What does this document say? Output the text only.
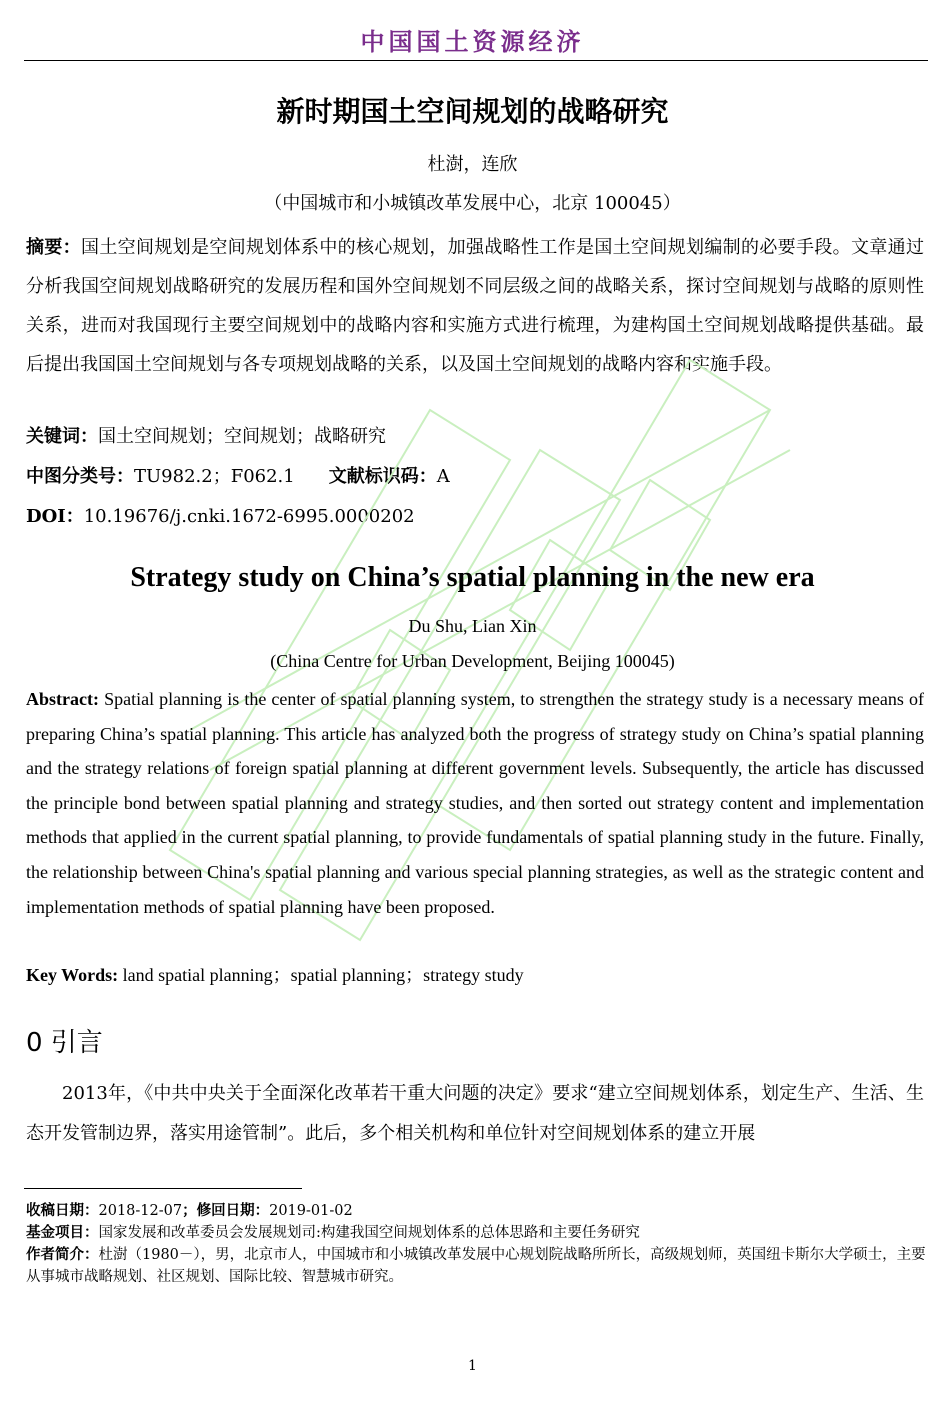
中国国土资源经济
新时期国土空间规划的战略研究
杜澍，连欣
（中国城市和小城镇改革发展中心，北京 100045）

摘要：国土空间规划是空间规划体系中的核心规划，加强战略性工作是国土空间规划编制的必要手段。文章通过分析我国空间规划战略研究的发展历程和国外空间规划不同层级之间的战略关系，探讨空间规划与战略的原则性关系，进而对我国现行主要空间规划中的战略内容和实施方式进行梳理，为建构国土空间规划战略提供基础。最后提出我国国土空间规划与各专项规划战略的关系，以及国土空间规划的战略内容和实施手段。

关键词：国土空间规划；空间规划；战略研究
中图分类号：TU982.2；F062.1 文献标识码：A
DOI：10.19676/j.cnki.1672-6995.0000202
Strategy study on China’s spatial planning in the new era
Du Shu, Lian Xin
(China Centre for Urban Development, Beijing 100045)

Abstract: Spatial planning is the center of spatial planning system, to strengthen the strategy study is a necessary means of preparing China’s spatial planning. This article has analyzed both the progress of strategy study on China’s spatial planning and the strategy relations of foreign spatial planning at different government levels. Subsequently, the article has discussed the principle bond between spatial planning and strategy studies, and then sorted out strategy content and implementation methods that applied in the current spatial planning, to provide fundamentals of spatial planning study in the future. Finally, the relationship between China's spatial planning and various special planning strategies, as well as the strategic content and implementation methods of spatial planning have been proposed.

Key Words: land spatial planning；spatial planning；strategy study
0 引言

2013年，《中共中央关于全面深化改革若干重大问题的决定》要求“建立空间规划体系，划定生产、生活、生态开发管制边界，落实用途管制”。此后，多个相关机构和单位针对空间规划体系的建立开展

收稿日期：2018-12-07；修回日期：2019-01-02

基金项目：国家发展和改革委员会发展规划司:构建我国空间规划体系的总体思路和主要任务研究

作者简介：杜澍（1980－），男，北京市人，中国城市和小城镇改革发展中心规划院战略所所长，高级规划师，英国纽卡斯尔大学硕士，主要从事城市战略规划、社区规划、国际比较、智慧城市研究。

1
